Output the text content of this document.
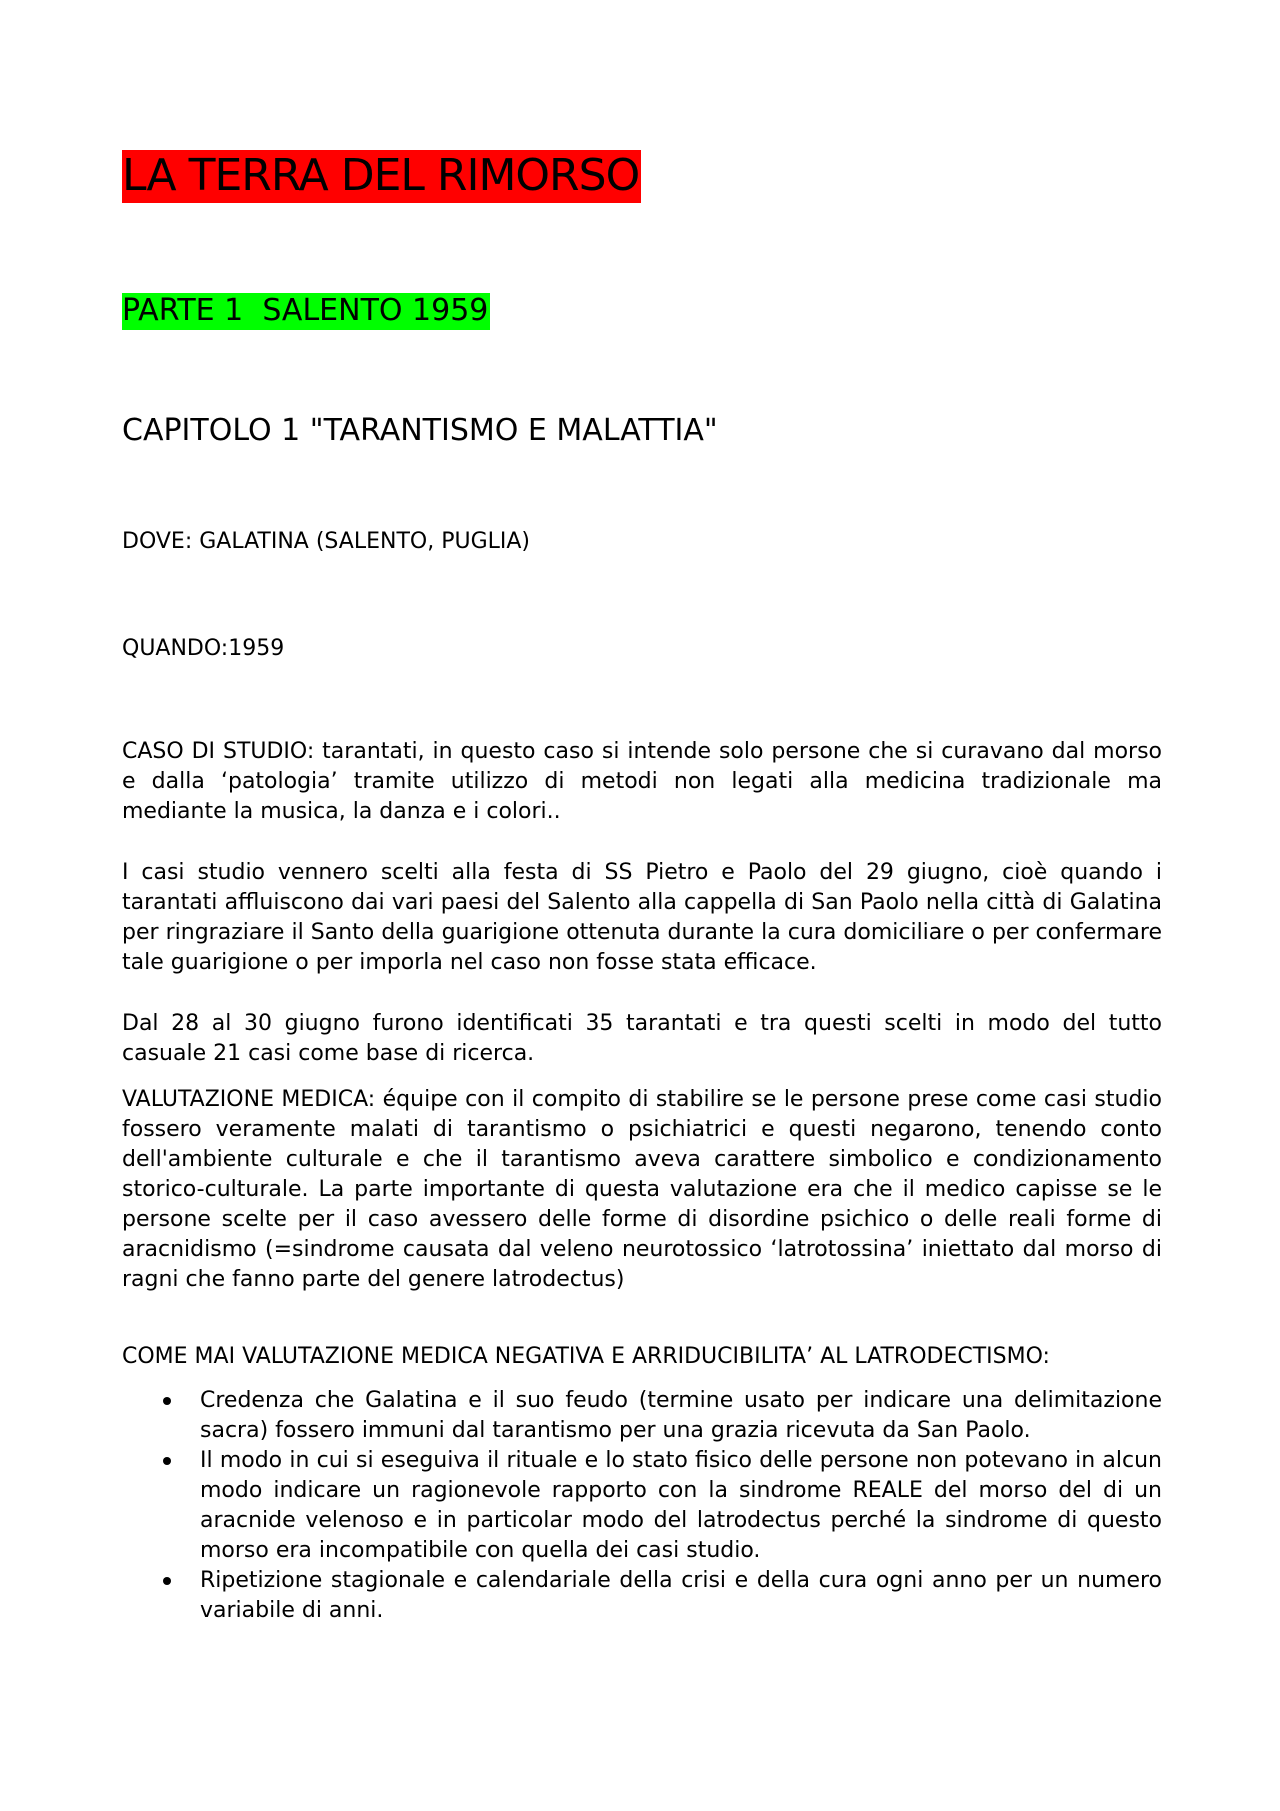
LA TERRA DEL RIMORSO
PARTE 1  SALENTO 1959
CAPITOLO 1 "TARANTISMO E MALATTIA"

DOVE: GALATINA (SALENTO, PUGLIA)

QUANDO:1959

CASO DI STUDIO: tarantati, in questo caso si intende solo persone che si curavano dal morso e dalla ‘patologia’ tramite utilizzo di metodi non legati alla medicina tradizionale ma mediante la musica, la danza e i colori..

I casi studio vennero scelti alla festa di SS Pietro e Paolo del 29 giugno, cioè quando i tarantati affluiscono dai vari paesi del Salento alla cappella di San Paolo nella città di Galatina per ringraziare il Santo della guarigione ottenuta durante la cura domiciliare o per confermare tale guarigione o per imporla nel caso non fosse stata efficace.

Dal 28 al 30 giugno furono identificati 35 tarantati e tra questi scelti in modo del tutto casuale 21 casi come base di ricerca.

VALUTAZIONE MEDICA: équipe con il compito di stabilire se le persone prese come casi studio fossero veramente malati di tarantismo o psichiatrici e questi negarono, tenendo conto dell'ambiente culturale e che il tarantismo aveva carattere simbolico e condizionamento storico-culturale. La parte importante di questa valutazione era che il medico capisse se le persone scelte per il caso avessero delle forme di disordine psichico o delle reali forme di aracnidismo (=sindrome causata dal veleno neurotossico ‘latrotossina’ iniettato dal morso di ragni che fanno parte del genere latrodectus)

COME MAI VALUTAZIONE MEDICA NEGATIVA E ARRIDUCIBILITA’ AL LATRODECTISMO:

Credenza che Galatina e il suo feudo (termine usato per indicare una delimitazione sacra) fossero immuni dal tarantismo per una grazia ricevuta da San Paolo.
Il modo in cui si eseguiva il rituale e lo stato fisico delle persone non potevano in alcun modo indicare un ragionevole rapporto con la sindrome REALE del morso del di un aracnide velenoso e in particolar modo del latrodectus perché la sindrome di questo morso era incompatibile con quella dei casi studio.
Ripetizione stagionale e calendariale della crisi e della cura ogni anno per un numero variabile di anni.
